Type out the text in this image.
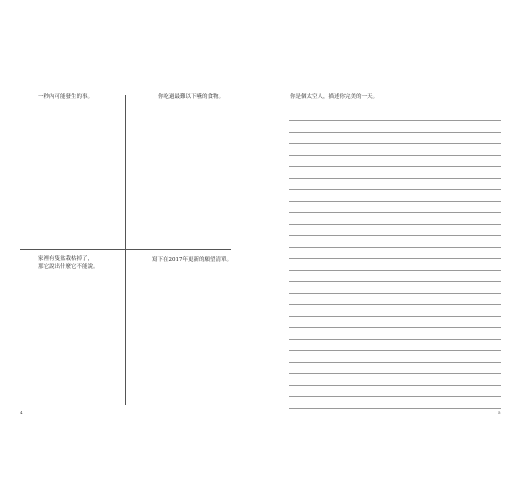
一秒內可能發生的事。	你吃過最難以下嚥的食物。
家裡有隻盆栽枯掉了，
那它說出什麼它不能說。
寫下在2017年更新的願望清單。
你是個太空人，描述你完美的一天。
4	5
